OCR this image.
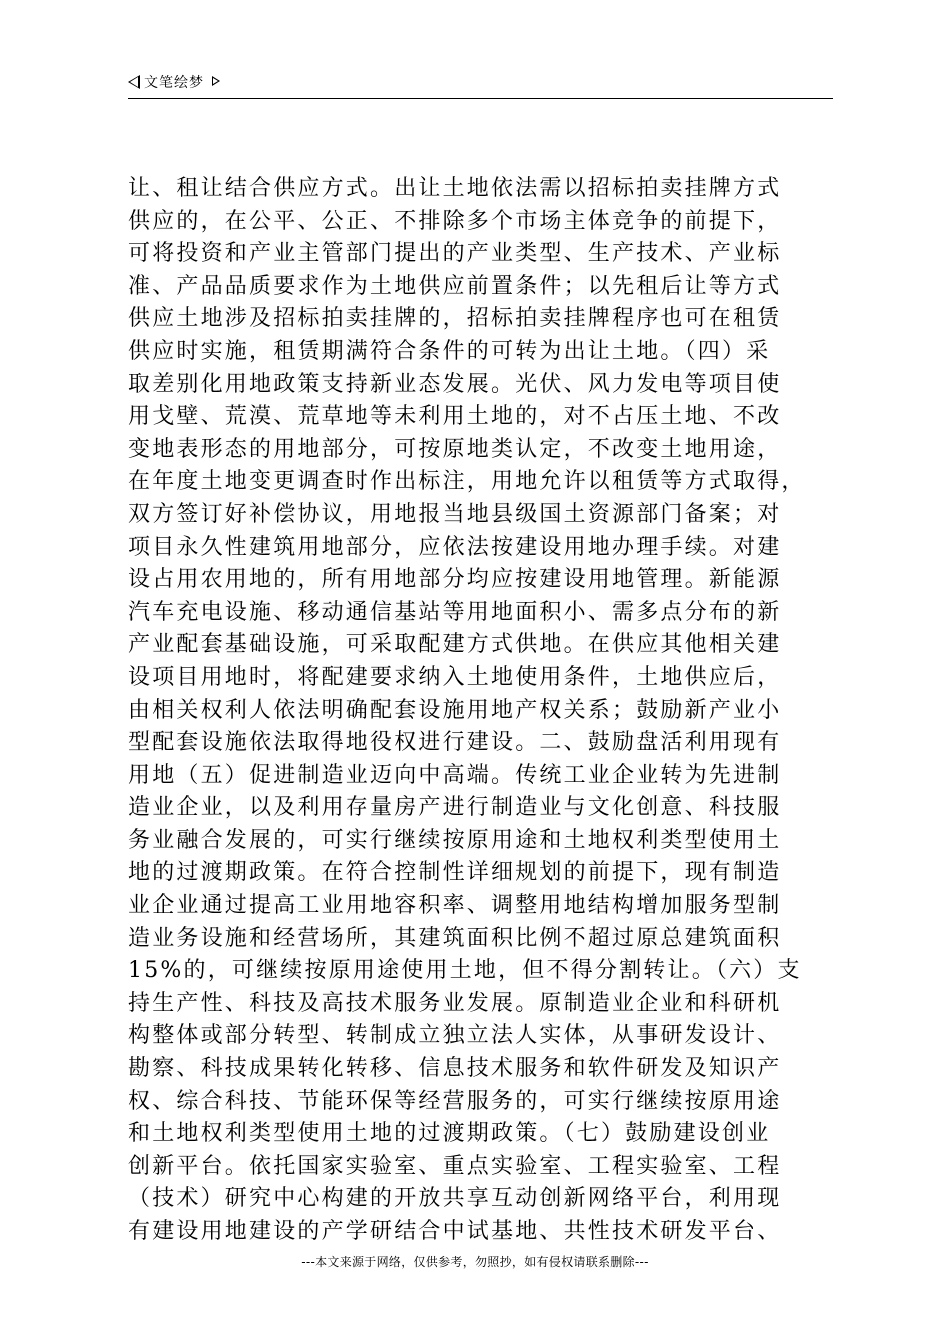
文笔绘梦
让、租让结合供应方式。出让土地依法需以招标拍卖挂牌方式
供应的，在公平、公正、不排除多个市场主体竞争的前提下，
可将投资和产业主管部门提出的产业类型、生产技术、产业标
准、产品品质要求作为土地供应前置条件；以先租后让等方式
供应土地涉及招标拍卖挂牌的，招标拍卖挂牌程序也可在租赁
供应时实施，租赁期满符合条件的可转为出让土地。（四）采
取差别化用地政策支持新业态发展。光伏、风力发电等项目使
用戈壁、荒漠、荒草地等未利用土地的，对不占压土地、不改
变地表形态的用地部分，可按原地类认定，不改变土地用途，
在年度土地变更调查时作出标注，用地允许以租赁等方式取得，
双方签订好补偿协议，用地报当地县级国土资源部门备案；对
项目永久性建筑用地部分，应依法按建设用地办理手续。对建
设占用农用地的，所有用地部分均应按建设用地管理。新能源
汽车充电设施、移动通信基站等用地面积小、需多点分布的新
产业配套基础设施，可采取配建方式供地。在供应其他相关建
设项目用地时，将配建要求纳入土地使用条件，土地供应后，
由相关权利人依法明确配套设施用地产权关系；鼓励新产业小
型配套设施依法取得地役权进行建设。二、鼓励盘活利用现有
用地（五）促进制造业迈向中高端。传统工业企业转为先进制
造业企业，以及利用存量房产进行制造业与文化创意、科技服
务业融合发展的，可实行继续按原用途和土地权利类型使用土
地的过渡期政策。在符合控制性详细规划的前提下，现有制造
业企业通过提高工业用地容积率、调整用地结构增加服务型制
造业务设施和经营场所，其建筑面积比例不超过原总建筑面积
15%的，可继续按原用途使用土地，但不得分割转让。（六）支
持生产性、科技及高技术服务业发展。原制造业企业和科研机
构整体或部分转型、转制成立独立法人实体，从事研发设计、
勘察、科技成果转化转移、信息技术服务和软件研发及知识产
权、综合科技、节能环保等经营服务的，可实行继续按原用途
和土地权利类型使用土地的过渡期政策。（七）鼓励建设创业
创新平台。依托国家实验室、重点实验室、工程实验室、工程
（技术）研究中心构建的开放共享互动创新网络平台，利用现
有建设用地建设的产学研结合中试基地、共性技术研发平台、
---本文来源于网络，仅供参考，勿照抄，如有侵权请联系删除---
